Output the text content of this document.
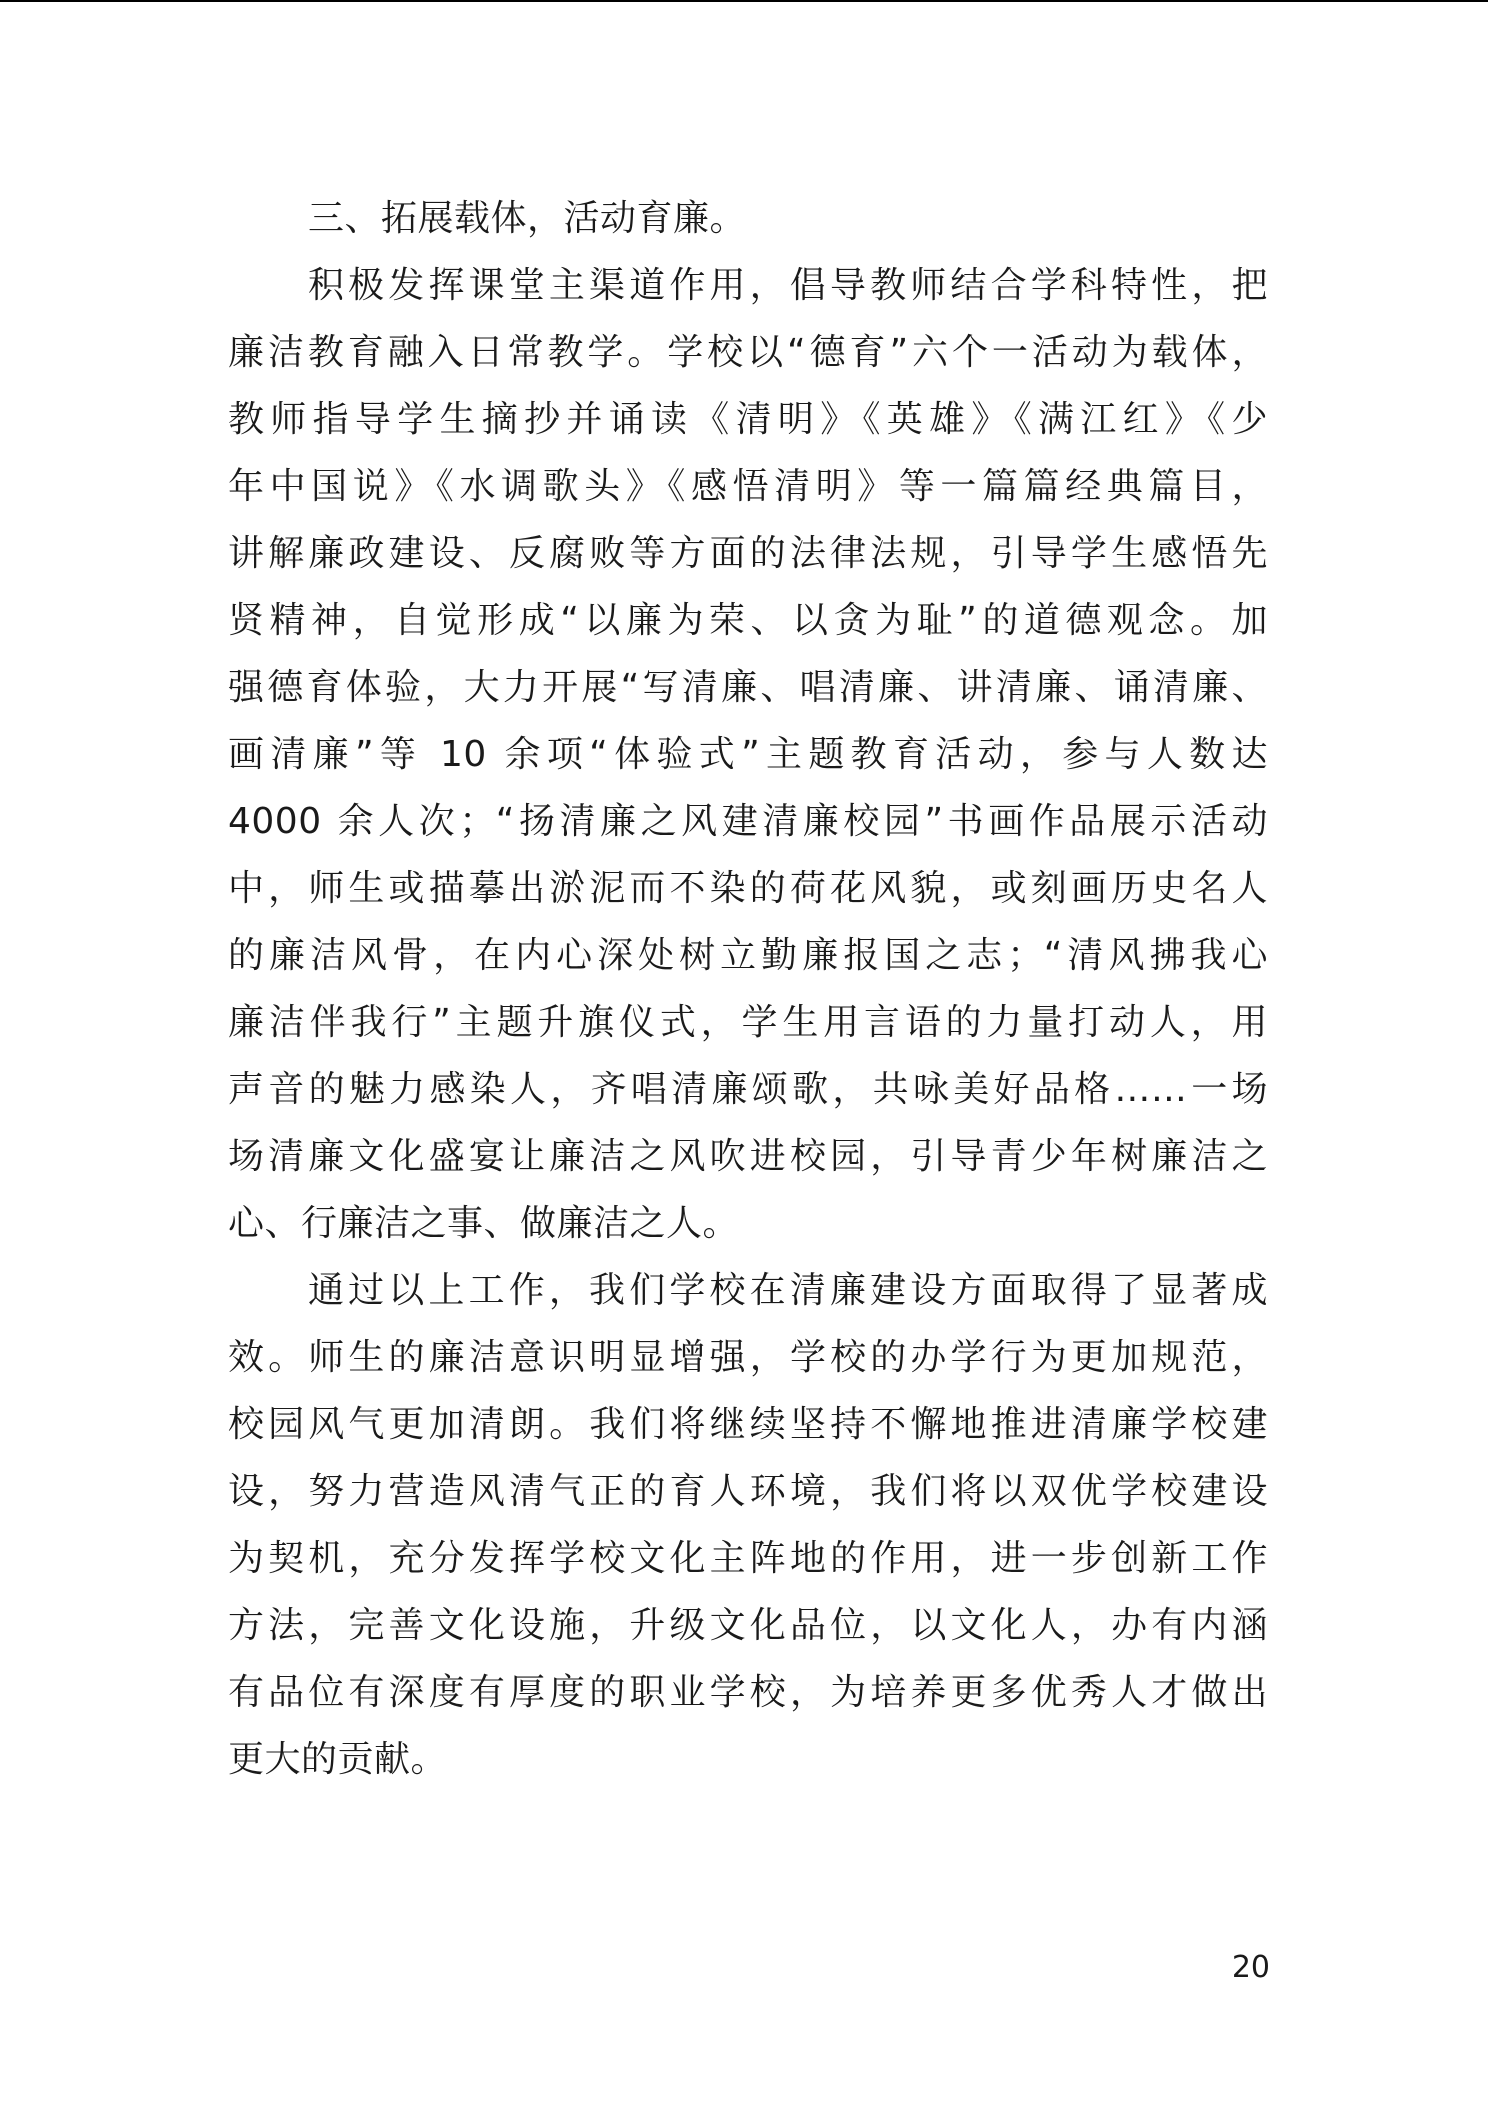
三、拓展载体，活动育廉。
积极发挥课堂主渠道作用，倡导教师结合学科特性，把
廉洁教育融入日常教学。学校以“德育”六个一活动为载体，
教师指导学生摘抄并诵读《清明》《英雄》《满江红》《少
年中国说》《水调歌头》《感悟清明》等一篇篇经典篇目，
讲解廉政建设、反腐败等方面的法律法规，引导学生感悟先
贤精神，自觉形成“以廉为荣、以贪为耻”的道德观念。加
强德育体验，大力开展“写清廉、唱清廉、讲清廉、诵清廉、
画清廉”等 10 余项“体验式”主题教育活动，参与人数达
4000 余人次；“扬清廉之风建清廉校园”书画作品展示活动
中，师生或描摹出淤泥而不染的荷花风貌，或刻画历史名人
的廉洁风骨，在内心深处树立勤廉报国之志；“清风拂我心
廉洁伴我行”主题升旗仪式，学生用言语的力量打动人，用
声音的魅力感染人，齐唱清廉颂歌，共咏美好品格……一场
场清廉文化盛宴让廉洁之风吹进校园，引导青少年树廉洁之
心、行廉洁之事、做廉洁之人。
通过以上工作，我们学校在清廉建设方面取得了显著成
效。师生的廉洁意识明显增强，学校的办学行为更加规范，
校园风气更加清朗。我们将继续坚持不懈地推进清廉学校建
设，努力营造风清气正的育人环境，我们将以双优学校建设
为契机，充分发挥学校文化主阵地的作用，进一步创新工作
方法，完善文化设施，升级文化品位，以文化人，办有内涵
有品位有深度有厚度的职业学校，为培养更多优秀人才做出
更大的贡献。
20
